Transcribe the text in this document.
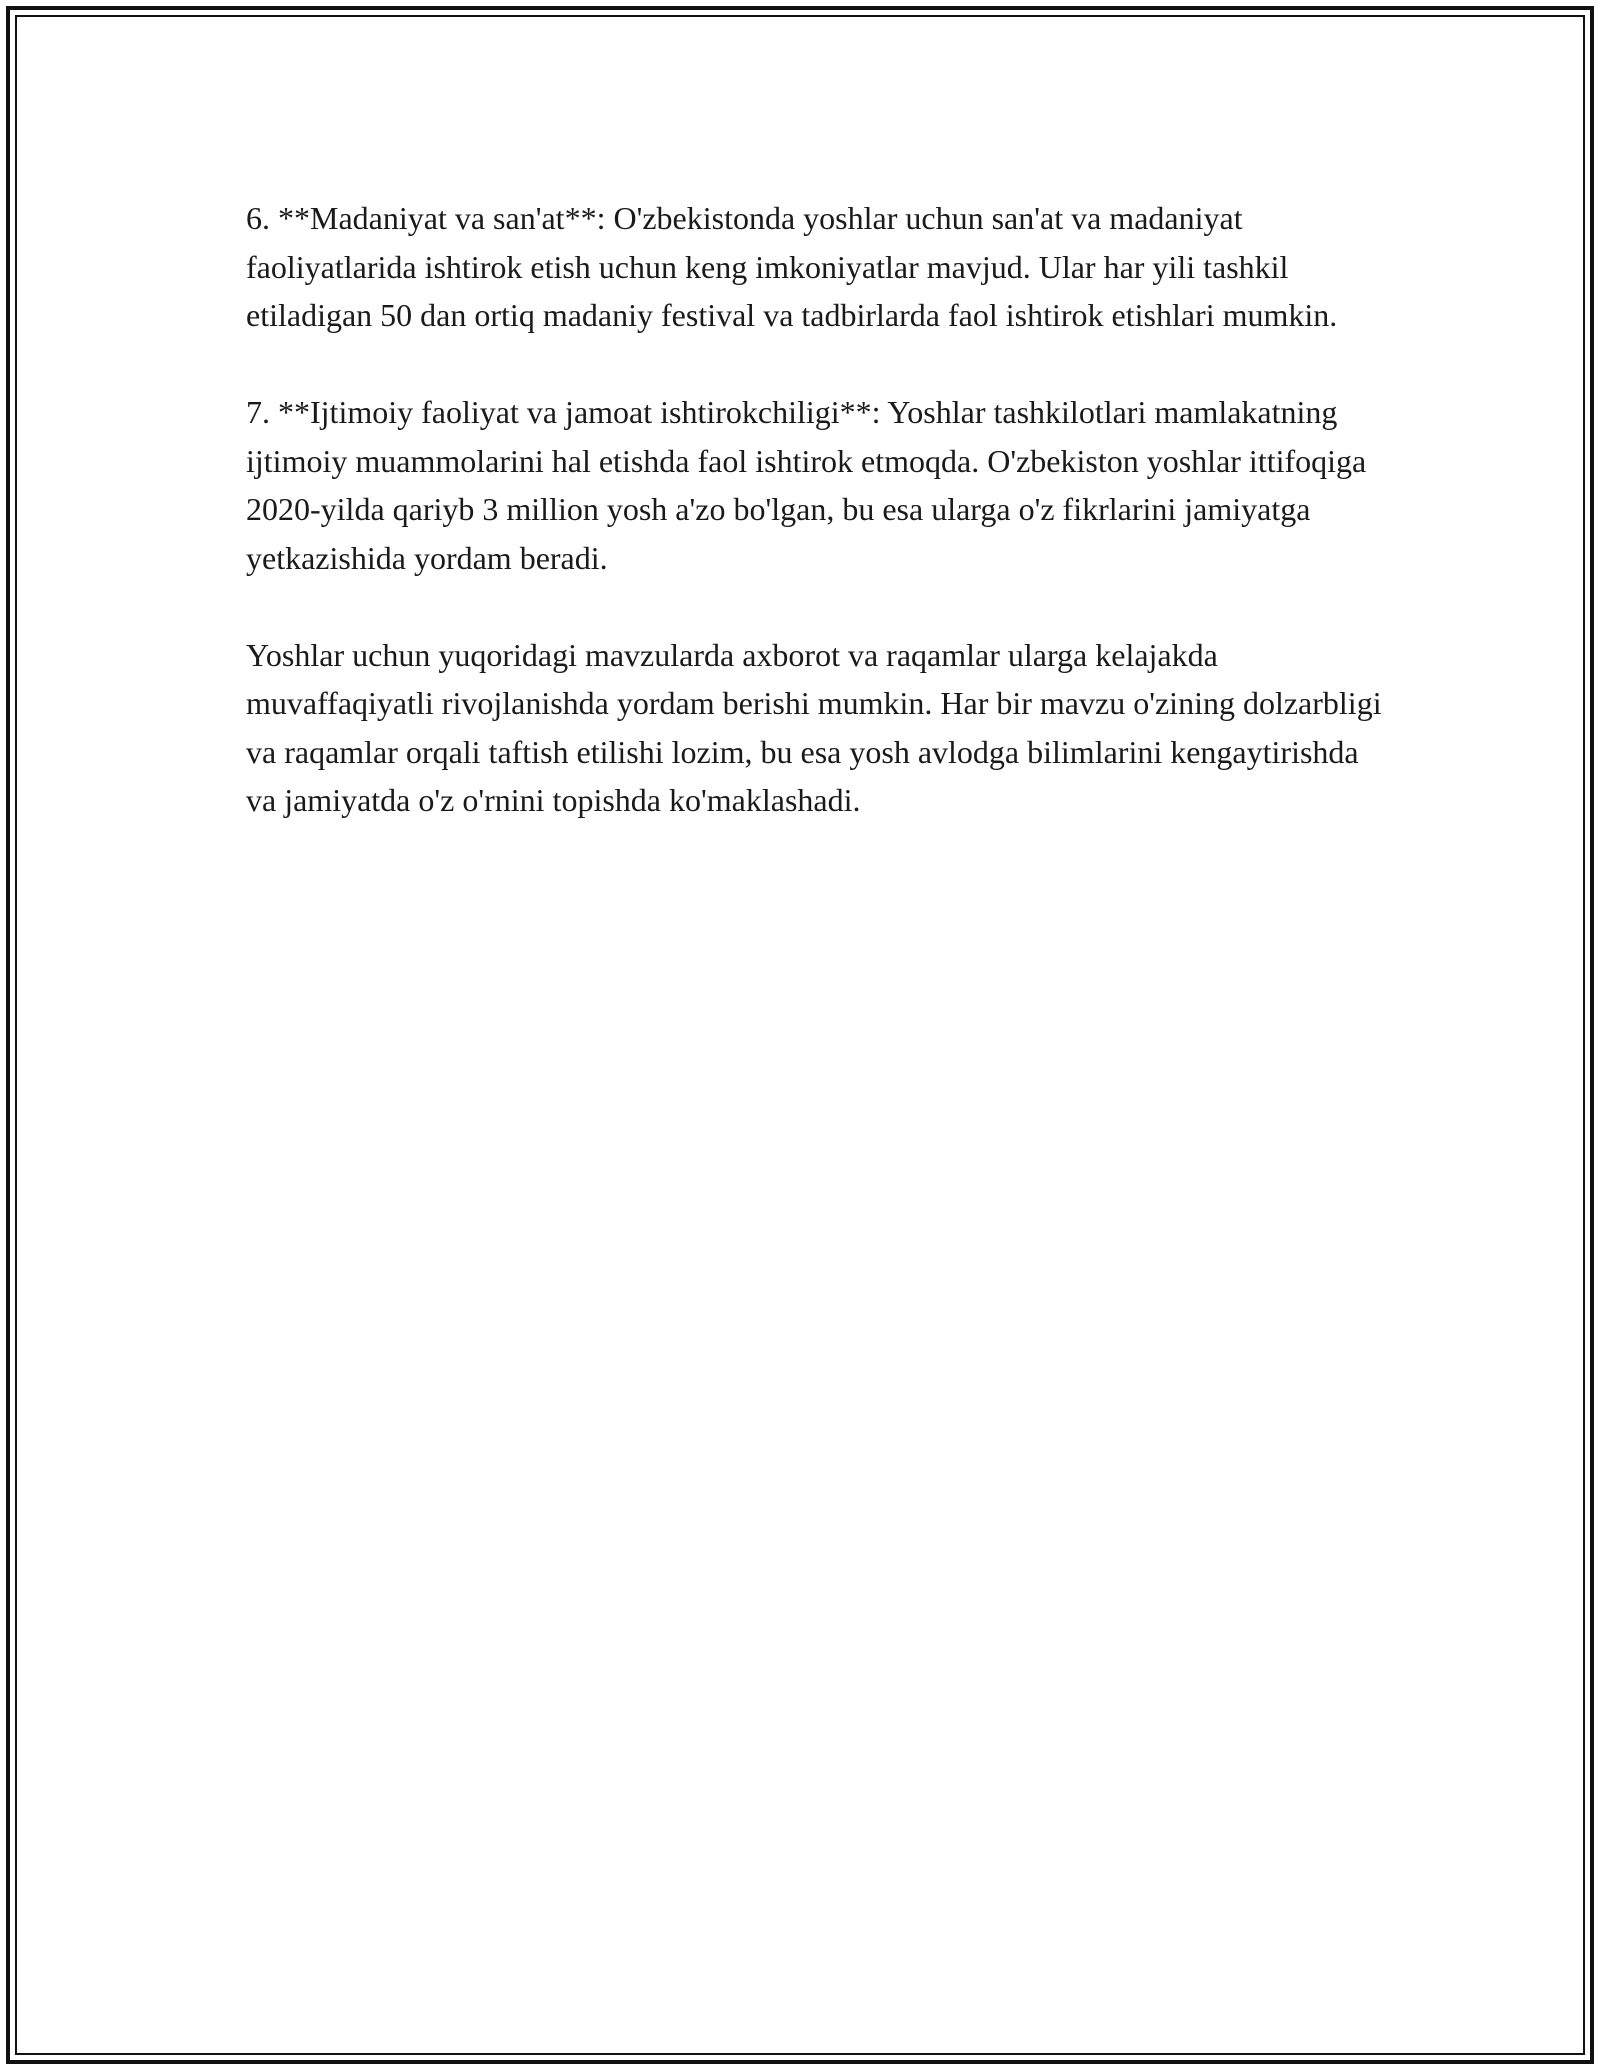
6. **Madaniyat va san'at**: O'zbekistonda yoshlar uchun san'at va madaniyat faoliyatlarida ishtirok etish uchun keng imkoniyatlar mavjud. Ular har yili tashkil etiladigan 50 dan ortiq madaniy festival va tadbirlarda faol ishtirok etishlari mumkin.

7. **Ijtimoiy faoliyat va jamoat ishtirokchiligi**: Yoshlar tashkilotlari mamlakatning ijtimoiy muammolarini hal etishda faol ishtirok etmoqda. O'zbekiston yoshlar ittifoqiga 2020-yilda qariyb 3 million yosh a'zo bo'lgan, bu esa ularga o'z fikrlarini jamiyatga yetkazishida yordam beradi.

Yoshlar uchun yuqoridagi mavzularda axborot va raqamlar ularga kelajakda muvaffaqiyatli rivojlanishda yordam berishi mumkin. Har bir mavzu o'zining dolzarbligi va raqamlar orqali taftish etilishi lozim, bu esa yosh avlodga bilimlarini kengaytirishda va jamiyatda o'z o'rnini topishda ko'maklashadi.
